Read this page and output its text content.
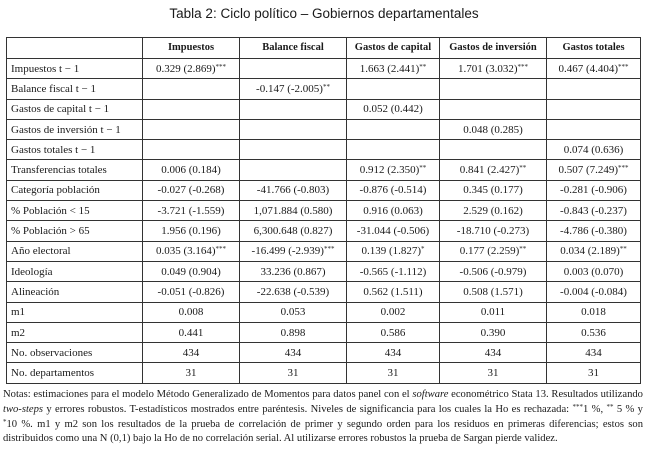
Tabla 2: Ciclo político – Gobiernos departamentales
	Impuestos	Balance fiscal	Gastos de capital	Gastos de inversión	Gastos totales
Impuestos t − 1	0.329 (2.869)***		1.663 (2.441)**	1.701 (3.032)***	0.467 (4.404)***
Balance fiscal t − 1		-0.147 (-2.005)**			
Gastos de capital t − 1			0.052 (0.442)		
Gastos de inversión t − 1				0.048 (0.285)	
Gastos totales t − 1					0.074 (0.636)
Transferencias totales	0.006 (0.184)		0.912 (2.350)**	0.841 (2.427)**	0.507 (7.249)***
Categoría población	-0.027 (-0.268)	-41.766 (-0.803)	-0.876 (-0.514)	0.345 (0.177)	-0.281 (-0.906)
% Población < 15	-3.721 (-1.559)	1,071.884 (0.580)	0.916 (0.063)	2.529 (0.162)	-0.843 (-0.237)
% Población > 65	1.956 (0.196)	6,300.648 (0.827)	-31.044 (-0.506)	-18.710 (-0.273)	-4.786 (-0.380)
Año electoral	0.035 (3.164)***	-16.499 (-2.939)***	0.139 (1.827)*	0.177 (2.259)**	0.034 (2.189)**
Ideología	0.049 (0.904)	33.236 (0.867)	-0.565 (-1.112)	-0.506 (-0.979)	0.003 (0.070)
Alineación	-0.051 (-0.826)	-22.638 (-0.539)	0.562 (1.511)	0.508 (1.571)	-0.004 (-0.084)
m1	0.008	0.053	0.002	0.011	0.018
m2	0.441	0.898	0.586	0.390	0.536
No. observaciones	434	434	434	434	434
No. departamentos	31	31	31	31	31
Notas: estimaciones para el modelo Método Generalizado de Momentos para datos panel con el software econométrico Stata 13. Resultados utilizando two-steps y errores robustos. T-estadísticos mostrados entre paréntesis. Niveles de significancia para los cuales la Ho es rechazada: ***1 %, ** 5 % y *10 %. m1 y m2 son los resultados de la prueba de correlación de primer y segundo orden para los residuos en primeras diferencias; estos son distribuidos como una N (0,1) bajo la Ho de no correlación serial. Al utilizarse errores robustos la prueba de Sargan pierde validez.
